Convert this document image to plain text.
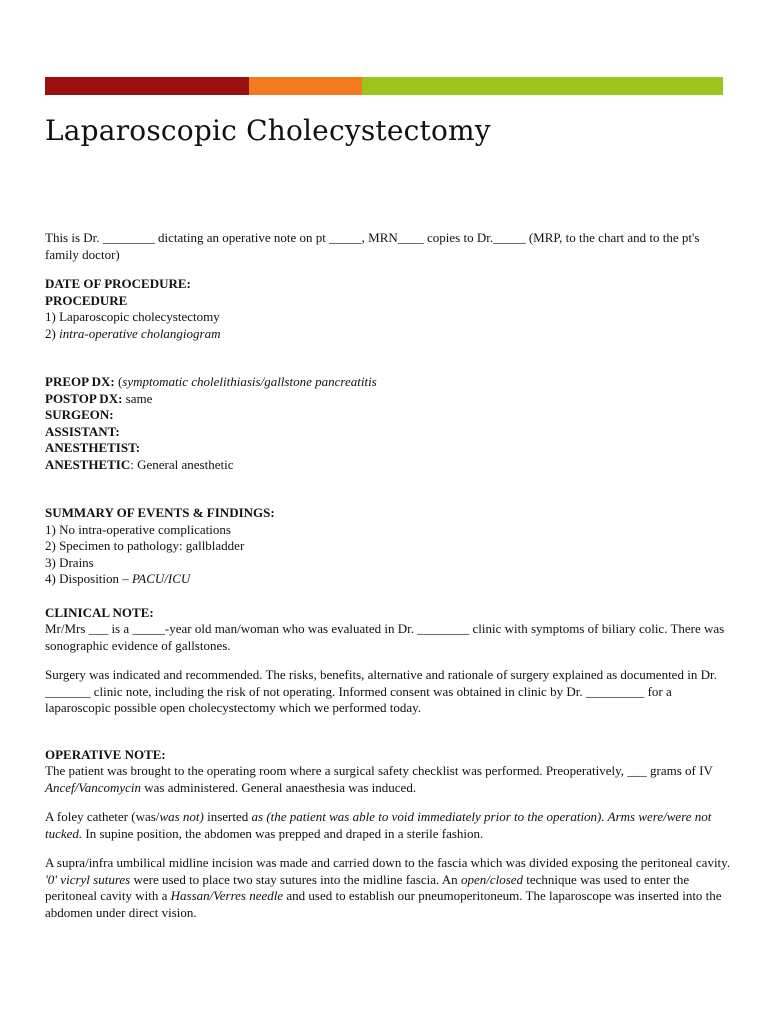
Laparoscopic Cholecystectomy

This is Dr. ________ dictating an operative note on pt _____, MRN____ copies to Dr._____ (MRP, to the chart and to the pt's family doctor)

DATE OF PROCEDURE:

PROCEDURE

1) Laparoscopic cholecystectomy

2) intra-operative cholangiogram

PREOP DX: (symptomatic cholelithiasis/gallstone pancreatitis

POSTOP DX: same

SURGEON:

ASSISTANT:

ANESTHETIST:

ANESTHETIC: General anesthetic

SUMMARY OF EVENTS & FINDINGS:

1) No intra-operative complications

2) Specimen to pathology: gallbladder

3) Drains

4) Disposition – PACU/ICU

CLINICAL NOTE:

Mr/Mrs ___ is a _____-year old man/woman who was evaluated in Dr. ________ clinic with symptoms of biliary colic. There was sonographic evidence of gallstones.

Surgery was indicated and recommended. The risks, benefits, alternative and rationale of surgery explained as documented in Dr. _______ clinic note, including the risk of not operating. Informed consent was obtained in clinic by Dr. _________ for a laparoscopic possible open cholecystectomy which we performed today.

OPERATIVE NOTE:

The patient was brought to the operating room where a surgical safety checklist was performed. Preoperatively, ___ grams of IV Ancef/Vancomycin was administered. General anaesthesia was induced.

A foley catheter (was/was not) inserted as (the patient was able to void immediately prior to the operation). Arms were/were not tucked. In supine position, the abdomen was prepped and draped in a sterile fashion.

A supra/infra umbilical midline incision was made and carried down to the fascia which was divided exposing the peritoneal cavity. '0' vicryl sutures were used to place two stay sutures into the midline fascia. An open/closed technique was used to enter the peritoneal cavity with a Hassan/Verres needle and used to establish our pneumoperitoneum. The laparoscope was inserted into the abdomen under direct vision.
